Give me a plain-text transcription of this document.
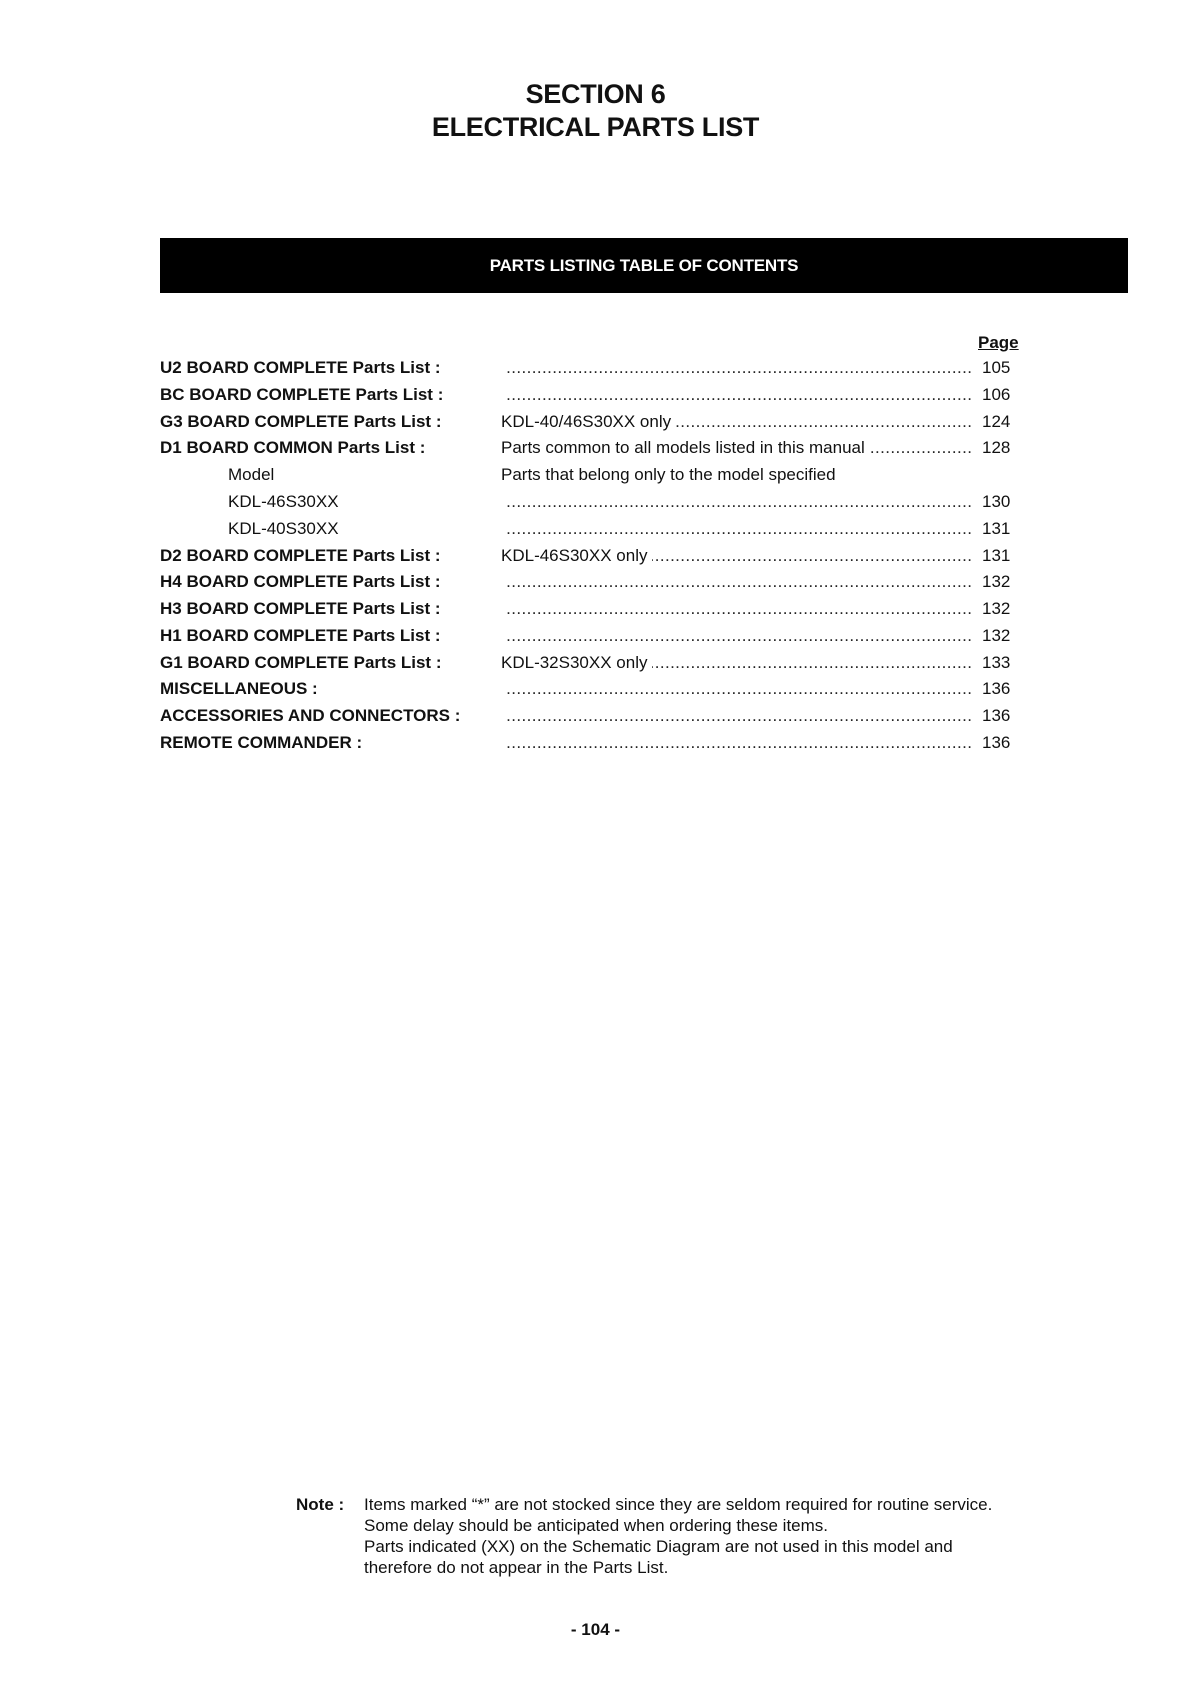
SECTION 6
ELECTRICAL PARTS LIST
PARTS LISTING TABLE OF CONTENTS
Page
U2 BOARD COMPLETE Parts List : .....	105
BC BOARD COMPLETE Parts List : .....	106
G3 BOARD COMPLETE Parts List :	KDL-40/46S30XX only .....	124
D1 BOARD COMMON Parts List :	Parts common to all models listed in this manual .....	128
Model	Parts that belong only to the model specified
KDL-46S30XX .....	130
KDL-40S30XX .....	131
D2 BOARD COMPLETE Parts List :	KDL-46S30XX only .....	131
H4 BOARD COMPLETE Parts List : .....	132
H3 BOARD COMPLETE Parts List : .....	132
H1 BOARD COMPLETE Parts List : .....	132
G1 BOARD COMPLETE Parts List :	KDL-32S30XX only .....	133
MISCELLANEOUS : .....	136
ACCESSORIES AND CONNECTORS : .....	136
REMOTE COMMANDER : .....	136
Note : Items marked “*” are not stocked since they are seldom required for routine service.
Some delay should be anticipated when ordering these items.
Parts indicated (XX) on the Schematic Diagram are not used in this model and
therefore do not appear in the Parts List.
- 104 -
